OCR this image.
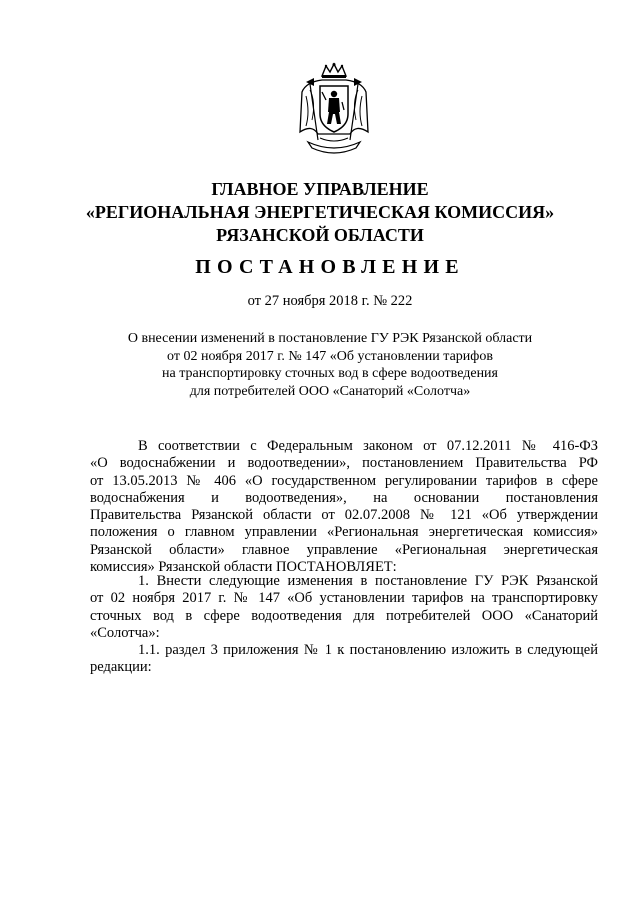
ГЛАВНОЕ УПРАВЛЕНИЕ
«РЕГИОНАЛЬНАЯ ЭНЕРГЕТИЧЕСКАЯ КОМИССИЯ»
РЯЗАНСКОЙ ОБЛАСТИ
ПОСТАНОВЛЕНИЕ
от 27 ноября 2018 г. № 222
О внесении изменений в постановление ГУ РЭК Рязанской области
от 02 ноября 2017 г. № 147 «Об установлении тарифов
на транспортировку сточных вод в сфере водоотведения
для потребителей ООО «Санаторий «Солотча»
В соответствии с Федеральным законом от 07.12.2011 № 416-ФЗ
«О водоснабжении и водоотведении», постановлением Правительства РФ
от 13.05.2013 № 406 «О государственном регулировании тарифов в сфере
водоснабжения и водоотведения», на основании постановления
Правительства Рязанской области от 02.07.2008 № 121 «Об утверждении
положения о главном управлении «Региональная энергетическая комиссия»
Рязанской области» главное управление «Региональная энергетическая
комиссия» Рязанской области ПОСТАНОВЛЯЕТ:
1. Внести следующие изменения в постановление ГУ РЭК Рязанской
от 02 ноября 2017 г. № 147 «Об установлении тарифов на транспортировку
сточных вод в сфере водоотведения для потребителей ООО «Санаторий
«Солотча»:
1.1. раздел 3 приложения № 1 к постановлению изложить в следующей
редакции:
